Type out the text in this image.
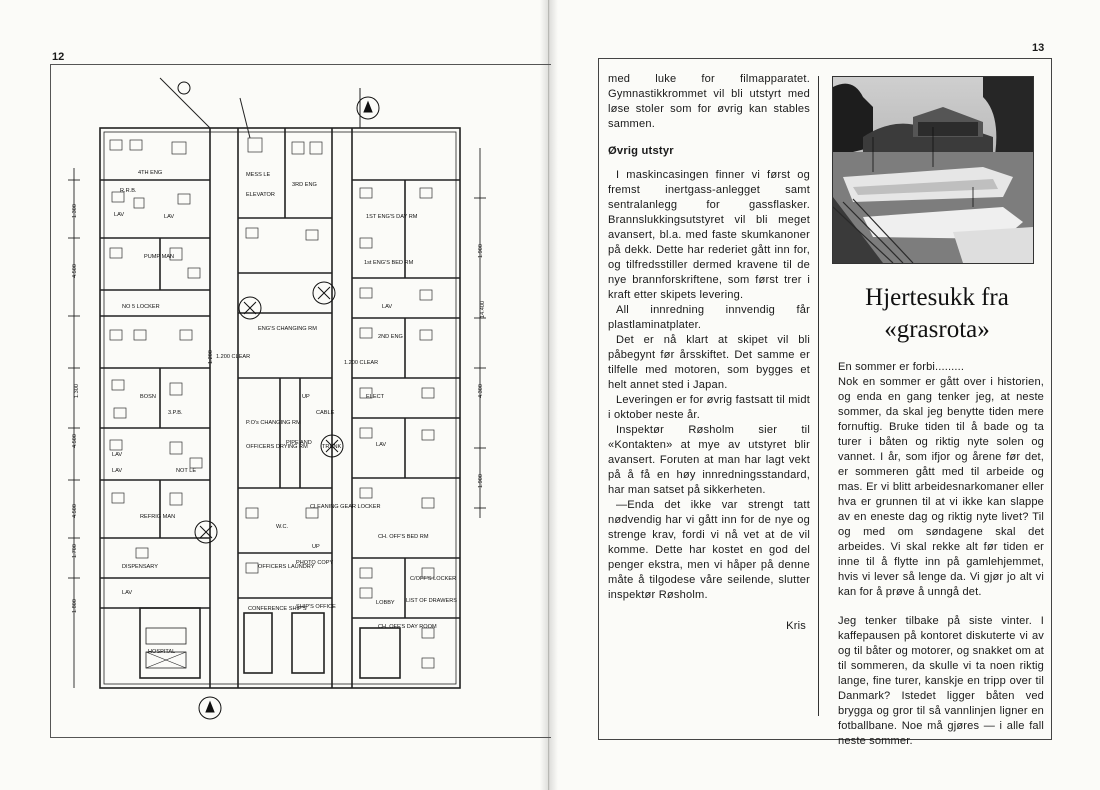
12
13
4TH ENG
R.R.B.
LAV	LAV
PUMP MAN
NO 5 LOCKER
BOSN
3.P.B.
LAV
LAV	NOT LE
REFRIG MAN
DISPENSARY
HOSPITAL
LAV
ELEVATOR
3RD ENG
MESS LE
ENG'S CHANGING RM
1.200 CLEAR
P.O's CHANGING RM
OFFICERS DRYING RM
PIPE AND
CABLE
TRUNK
CLEANING GEAR LOCKER
W.C.
OFFICERS LAUNDRY
PHOTO COPY
CONFERENCE SHIP'S
SHIP'S OFFICE
1ST ENG'S DAY RM
1st ENG'S BED RM
LAV
2ND ENG
ELECT
CH. OFF'S BED RM
CH. OFF'S DAY ROOM
C/OFF'S LOCKER
LOBBY
LAV
1.200 CLEAR
UP
UP
LIST OF DRAWERS
1.300
4.500
4.500
1.300
4.500
1.700
1.800
1.900
4.300
1.900
1.200
14.400

med luke for filmapparatet. Gymnastikkrommet vil bli utstyrt med løse stoler som for øvrig kan stables sammen.

Øvrig utstyr

I maskincasingen finner vi først og fremst inertgass-anlegget samt sentralanlegg for gassflasker. Brannslukkingsutstyret vil bli meget avansert, bl.a. med faste skumkanoner på dekk. Dette har rederiet gått inn for, og tilfredsstiller dermed kravene til de nye brannforskriftene, som først trer i kraft etter skipets levering.

All innredning innvendig får plastlaminatplater.

Det er nå klart at skipet vil bli påbegynt før årsskiftet. Det samme er tilfelle med motoren, som bygges et helt annet sted i Japan.

Leveringen er for øvrig fastsatt til midt i oktober neste år.

Inspektør Røsholm sier til «Kontakten» at mye av utstyret blir avansert. Foruten at man har lagt vekt på å få en høy innredningsstandard, har man satset på sikkerheten.

—Enda det ikke var strengt tatt nødvendig har vi gått inn for de nye og strenge krav, fordi vi nå vet at de vil komme. Dette har kostet en god del penger ekstra, men vi håper på denne måte å tilgodese våre seilende, slutter inspektør Røsholm.

Kris

Hjertesukk fra
«grasrota»

En sommer er forbi.........

Nok en sommer er gått over i historien, og enda en gang tenker jeg, at neste sommer, da skal jeg benytte tiden mere fornuftig. Bruke tiden til å bade og ta turer i båten og riktig nyte solen og vannet. I år, som ifjor og årene før det, er sommeren gått med til arbeide og mas. Er vi blitt arbeidesnarkomaner eller hva er grunnen til at vi ikke kan slappe av en eneste dag og riktig nyte livet? Til og med om søndagene skal det arbeides. Vi skal rekke alt før tiden er inne til å flytte inn på gamlehjemmet, hvis vi lever så lenge da. Vi gjør jo alt vi kan for å prøve å unngå det.

Jeg tenker tilbake på siste vinter. I kaffepausen på kontoret diskuterte vi av og til båter og motorer, og snakket om at til sommeren, da skulle vi ta noen riktig lange, fine turer, kanskje en tripp over til Danmark? Istedet ligger båten ved brygga og gror til så vannlinjen ligner en fotballbane. Noe må gjøres — i alle fall neste sommer.
